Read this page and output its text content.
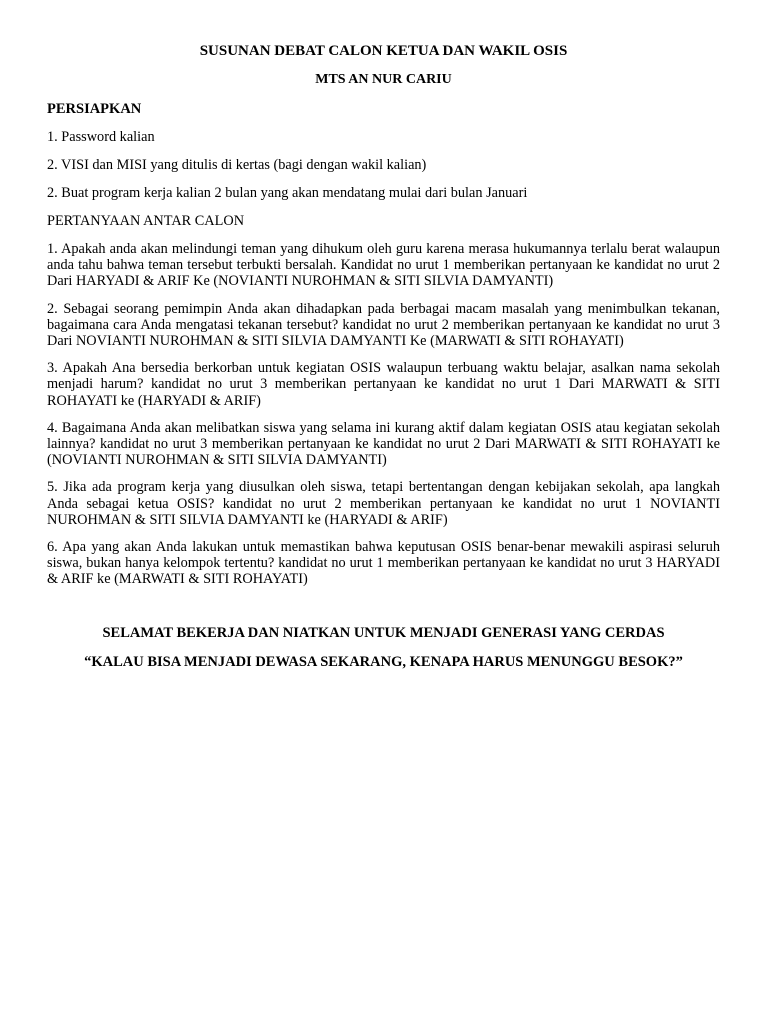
SUSUNAN DEBAT CALON KETUA DAN WAKIL OSIS

MTS AN NUR CARIU

PERSIAPKAN

1. Password kalian

2. VISI dan MISI yang ditulis di kertas (bagi dengan wakil kalian)

2. Buat program kerja kalian 2 bulan yang akan mendatang mulai dari bulan Januari

PERTANYAAN ANTAR CALON

1. Apakah anda akan melindungi teman yang dihukum oleh guru karena merasa hukumannya terlalu berat walaupun anda tahu bahwa teman tersebut terbukti bersalah. Kandidat no urut 1 memberikan pertanyaan ke kandidat no urut 2 Dari HARYADI & ARIF Ke (NOVIANTI NUROHMAN & SITI SILVIA DAMYANTI)

2. Sebagai seorang pemimpin Anda akan dihadapkan pada berbagai macam masalah yang menimbulkan tekanan, bagaimana cara Anda mengatasi tekanan tersebut? kandidat no urut 2 memberikan pertanyaan ke kandidat no urut 3 Dari NOVIANTI NUROHMAN & SITI SILVIA DAMYANTI Ke (MARWATI & SITI ROHAYATI)

3. Apakah Ana bersedia berkorban untuk kegiatan OSIS walaupun terbuang waktu belajar, asalkan nama sekolah menjadi harum? kandidat no urut 3 memberikan pertanyaan ke kandidat no urut 1 Dari MARWATI & SITI ROHAYATI ke (HARYADI & ARIF)

4. Bagaimana Anda akan melibatkan siswa yang selama ini kurang aktif dalam kegiatan OSIS atau kegiatan sekolah lainnya? kandidat no urut 3 memberikan pertanyaan ke kandidat no urut 2 Dari MARWATI & SITI ROHAYATI ke (NOVIANTI NUROHMAN & SITI SILVIA DAMYANTI)

5. Jika ada program kerja yang diusulkan oleh siswa, tetapi bertentangan dengan kebijakan sekolah, apa langkah Anda sebagai ketua OSIS? kandidat no urut 2 memberikan pertanyaan ke kandidat no urut 1 NOVIANTI NUROHMAN & SITI SILVIA DAMYANTI ke (HARYADI & ARIF)

6. Apa yang akan Anda lakukan untuk memastikan bahwa keputusan OSIS benar-benar mewakili aspirasi seluruh siswa, bukan hanya kelompok tertentu? kandidat no urut 1 memberikan pertanyaan ke kandidat no urut 3 HARYADI & ARIF ke (MARWATI & SITI ROHAYATI)

SELAMAT BEKERJA DAN NIATKAN UNTUK MENJADI GENERASI YANG CERDAS

“KALAU BISA MENJADI DEWASA SEKARANG, KENAPA HARUS MENUNGGU BESOK?”
